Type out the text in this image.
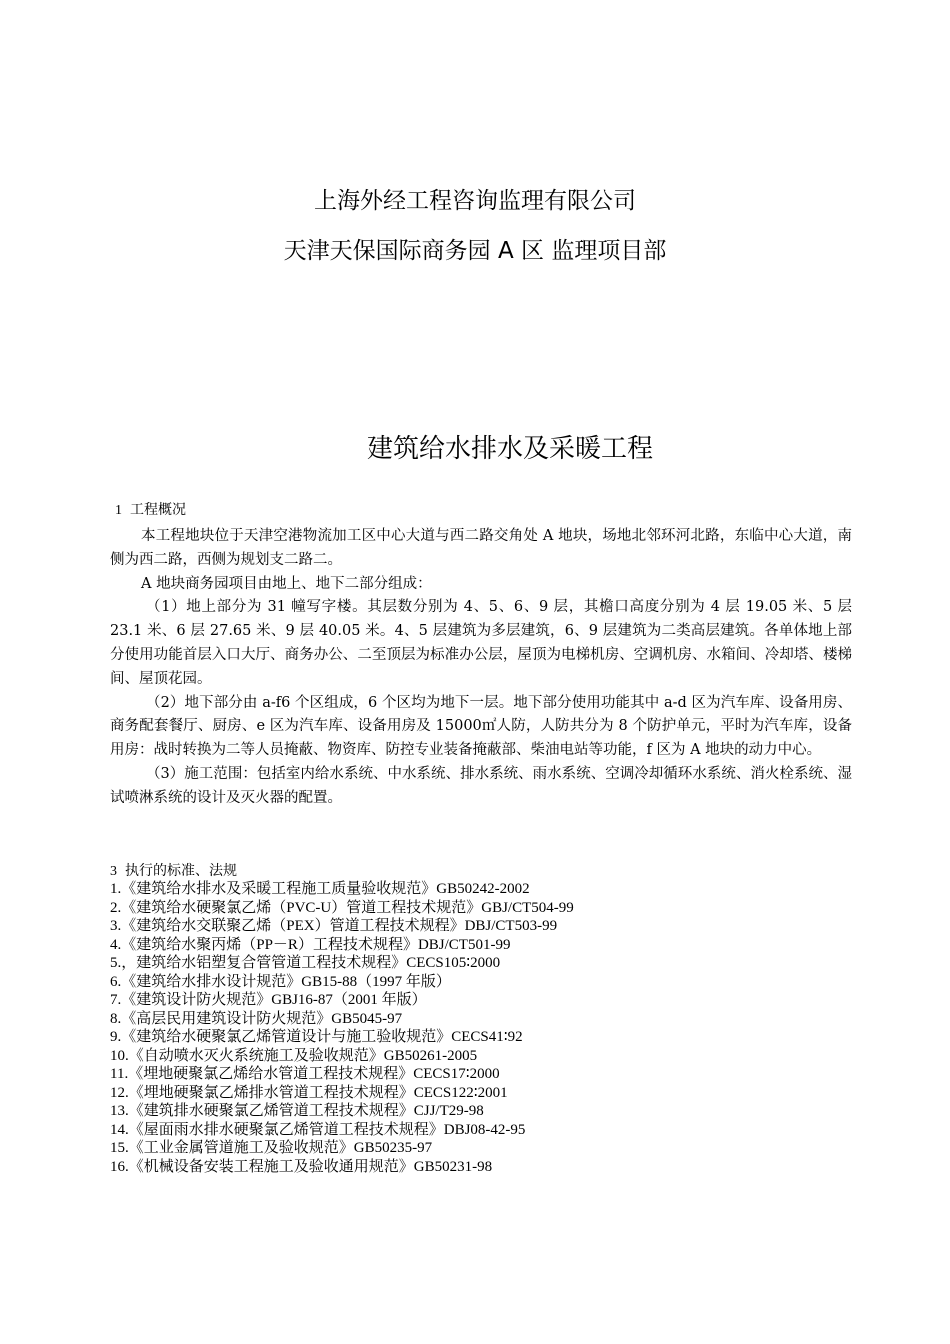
上海外经工程咨询监理有限公司
天津天保国际商务园 A 区 监理项目部
建筑给水排水及采暖工程
1 工程概况

本工程地块位于天津空港物流加工区中心大道与西二路交角处 A 地块，场地北邻环河北路，东临中心大道，南侧为西二路，西侧为规划支二路二。

A 地块商务园项目由地上、地下二部分组成：

（1）地上部分为 31 幢写字楼。其层数分别为 4、5、6、9 层，其檐口高度分别为 4 层 19.05 米、5 层 23.1 米、6 层 27.65 米、9 层 40.05 米。4、5 层建筑为多层建筑，6、9 层建筑为二类高层建筑。各单体地上部分使用功能首层入口大厅、商务办公、二至顶层为标准办公层，屋顶为电梯机房、空调机房、水箱间、冷却塔、楼梯间、屋顶花园。

（2）地下部分由 a-f6 个区组成，6 个区均为地下一层。地下部分使用功能其中 a-d 区为汽车库、设备用房、商务配套餐厅、厨房、e 区为汽车库、设备用房及 15000㎡人防，人防共分为 8 个防护单元，平时为汽车库，设备用房：战时转换为二等人员掩蔽、物资库、防控专业装备掩蔽部、柴油电站等功能，f 区为 A 地块的动力中心。

（3）施工范围：包括室内给水系统、中水系统、排水系统、雨水系统、空调冷却循环水系统、消火栓系统、湿试喷淋系统的设计及灭火器的配置。

3 执行的标准、法规
1.《建筑给水排水及采暖工程施工质量验收规范》GB50242-2002
2.《建筑给水硬聚氯乙烯（PVC-U）管道工程技术规范》GBJ/CT504-99
3.《建筑给水交联聚乙烯（PEX）管道工程技术规程》DBJ/CT503-99
4.《建筑给水聚丙烯（PP－R）工程技术规程》DBJ/CT501-99
5.，建筑给水铝塑复合管管道工程技术规程》CECS105∶2000
6.《建筑给水排水设计规范》GB15-88（1997 年版）
7.《建筑设计防火规范》GBJ16-87（2001 年版）
8.《高层民用建筑设计防火规范》GB5045-97
9.《建筑给水硬聚氯乙烯管道设计与施工验收规范》CECS41∶92
10.《自动喷水灭火系统施工及验收规范》GB50261-2005
11.《埋地硬聚氯乙烯给水管道工程技术规程》CECS17∶2000
12.《埋地硬聚氯乙烯排水管道工程技术规程》CECS122∶2001
13.《建筑排水硬聚氯乙烯管道工程技术规程》CJJ/T29-98
14.《屋面雨水排水硬聚氯乙烯管道工程技术规程》DBJ08-42-95
15.《工业金属管道施工及验收规范》GB50235-97
16.《机械设备安装工程施工及验收通用规范》GB50231-98
